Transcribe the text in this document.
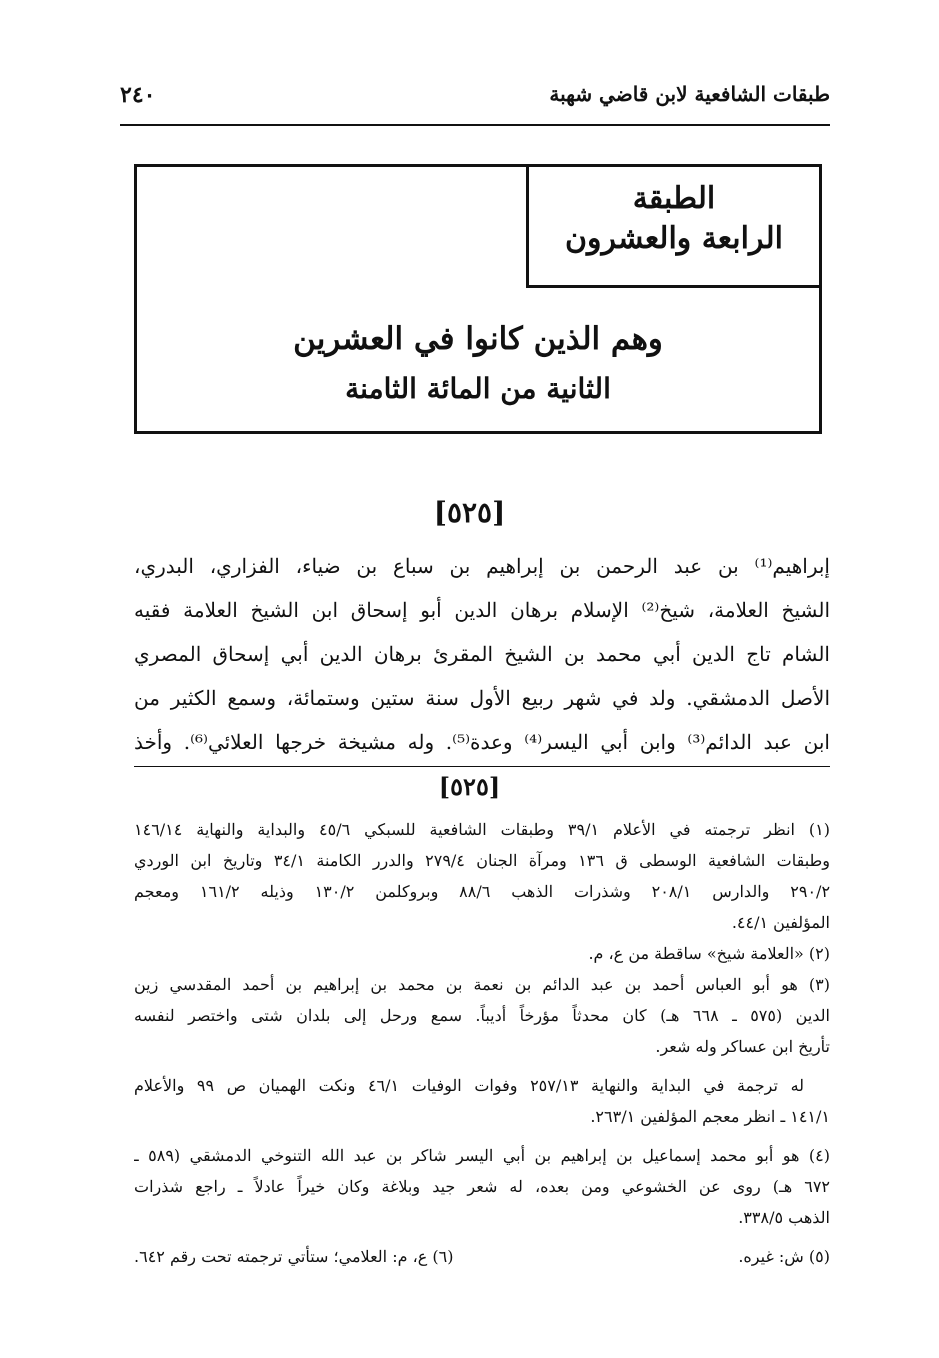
طبقات الشافعية لابن قاضي شهبة
٢٤٠
الطبقة
الرابعة والعشرون
وهم الذين كانوا في العشرين
الثانية من المائة الثامنة
[٥٢٥]
إبراهيم⁽¹⁾ بن عبد الرحمن بن إبراهيم بن سباع بن ضياء، الفزاري، البدري،
الشيخ العلامة، شيخ⁽²⁾ الإسلام برهان الدين أبو إسحاق ابن الشيخ العلامة فقيه
الشام تاج الدين أبي محمد بن الشيخ المقرئ برهان الدين أبي إسحاق المصري
الأصل الدمشقي. ولد في شهر ربيع الأول سنة ستين وستمائة، وسمع الكثير من
ابن عبد الدائم⁽³⁾ وابن أبي اليسر⁽⁴⁾ وعدة⁽⁵⁾. وله مشيخة خرجها العلائي⁽⁶⁾. وأخذ
[٥٢٥]
(١) انظر ترجمته في الأعلام ٣٩/١ وطبقات الشافعية للسبكي ٤٥/٦ والبداية والنهاية ١٤٦/١٤
وطبقات الشافعية الوسطى ق ١٣٦ ومرآة الجنان ٢٧٩/٤ والدرر الكامنة ٣٤/١ وتاريخ ابن الوردي
٢٩٠/٢ والدارس ٢٠٨/١ وشذرات الذهب ٨٨/٦ وبروكلمن ١٣٠/٢ وذيله ١٦١/٢ ومعجم
المؤلفين ٤٤/١.
(٢) «العلامة شيخ» ساقطة من ع، م.
(٣) هو أبو العباس أحمد بن عبد الدائم بن نعمة بن محمد بن إبراهيم بن أحمد المقدسي زين
الدين (٥٧٥ ـ ٦٦٨ هـ) كان محدثاً مؤرخاً أديباً. سمع ورحل إلى بلدان شتى واختصر لنفسه
تأريخ ابن عساكر وله شعر.
له ترجمة في البداية والنهاية ٢٥٧/١٣ وفوات الوفيات ٤٦/١ ونكت الهميان ص ٩٩ والأعلام
١٤١/١ ـ انظر معجم المؤلفين ٢٦٣/١.
(٤) هو أبو محمد إسماعيل بن إبراهيم بن أبي اليسر شاكر بن عبد الله التنوخي الدمشقي (٥٨٩ ـ
٦٧٢ هـ) روى عن الخشوعي ومن بعده، له شعر جيد وبلاغة وكان خيراً عادلاً ـ راجع شذرات
الذهب ٣٣٨/٥.
(٥) ش: غيره.
(٦) ع، م: العلامي؛ ستأتي ترجمته تحت رقم ٦٤٢.
